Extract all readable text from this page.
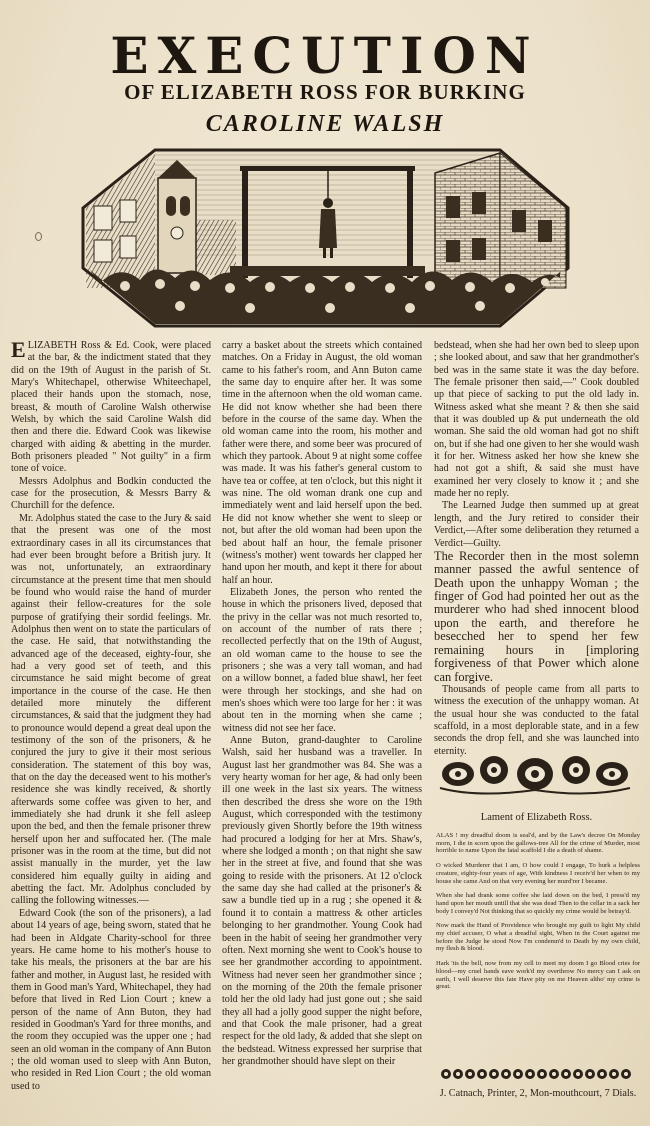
EXECUTION
OF ELIZABETH ROSS FOR BURKING
CAROLINE WALSH

ELIZABETH Ross & Ed. Cook, were placed at the bar, & the indictment stated that they did on the 19th of August in the parish of St. Mary's Whitechapel, otherwise Whiteechapel, placed their hands upon the stomach, nose, breast, & mouth of Caroline Walsh otherwise Welsh, by which the said Caroline Walsh did then and there die. Edward Cook was likewise charged with aiding & abetting in the murder. Both prisoners pleaded " Not guilty" in a firm tone of voice.

Messrs Adolphus and Bodkin conducted the case for the prosecution, & Messrs Barry & Churchill for the defence.

Mr. Adolphus stated the case to the Jury & said that the present was one of the most extraordinary cases in all its circumstances that had ever been brought before a British jury. It was not, unfortunately, an extraordinary circumstance at the present time that men should be found who would raise the hand of murder against their fellow-creatures for the sole purpose of gratifying their sordid feelings. Mr. Adolphus then went on to state the particulars of the case. He said, that notwithstanding the advanced age of the deceased, eighty-four, she had a very good set of teeth, and this circumstance he said might become of great importance in the course of the case. He then detailed more minutely the different circumstances, & said that the judgment they had to pronounce would depend a great deal upon the testimony of the son of the prisoners, & he conjured the jury to give it their most serious consideration. The statement of this boy was, that on the day the deceased went to his mother's residence she was kindly received, & shortly afterwards some coffee was given to her, and immediately she had drunk it she fell asleep upon the bed, and then the female prisoner threw herself upon her and suffocated her. (The male prisoner was in the room at the time, but did not assist manually in the murder, yet the law considered him equally guilty in aiding and abetting the fact. Mr. Adolphus concluded by calling the following witnesses.—

Edward Cook (the son of the prisoners), a lad about 14 years of age, being sworn, stated that he had been in Aldgate Charity-school for three years. He came home to his mother's house to take his meals, the prisoners at the bar are his father and mother, in August last, he resided with them in Good man's Yard, Whitechapel, they had before that lived in Red Lion Court ; knew a person of the name of Ann Buton, they had resided in Goodman's Yard for three months, and the room they occupied was the upper one ; had seen an old woman in the company of Ann Buton ; the old woman used to sleep with Ann Buton, who resided in Red Lion Court ; the old woman used to

carry a basket about the streets which contained matches. On a Friday in August, the old woman came to his father's room, and Ann Buton came the same day to enquire after her. It was some time in the afternoon when the old woman came. He did not know whether she had been there before in the course of the same day. When the old woman came into the room, his mother and father were there, and some beer was procured of which they partook. About 9 at night some coffee was made. It was his father's general custom to have tea or coffee, at ten o'clock, but this night it was nine. The old woman drank one cup and immediately went and laid herself upon the bed. He did not know whether she went to sleep or not, but after the old woman had been upon the bed about half an hour, the female prisoner (witness's mother) went towards her clapped her hand upon her mouth, and kept it there for about half an hour.

Elizabeth Jones, the person who rented the house in which the prisoners lived, deposed that the privy in the cellar was not much resorted to, on account of the number of rats there ; recollected perfectly that on the 19th of August, an old woman came to the house to see the prisoners ; she was a very tall woman, and had on a willow bonnet, a faded blue shawl, her feet were through her stockings, and she had on men's shoes which were too large for her : it was about ten in the morning when she came ; witness did not see her face.

Anne Buton, grand-daughter to Caroline Walsh, said her husband was a traveller. In August last her grandmother was 84. She was a very hearty woman for her age, & had only been ill one week in the last six years. The witness then described the dress she wore on the 19th August, which corresponded with the testimony previously given Shortly before the 19th witness had procured a lodging for her at Mrs. Shaw's, where she lodged a month ; on that night she saw her in the street at five, and found that she was going to reside with the prisoners. At 12 o'clock the same day she had called at the prisoner's & saw a bundle tied up in a rug ; she opened it & found it to contain a mattress & other articles belonging to her grandmother. Young Cook had been in the habit of seeing her grandmother very often. Next morning she went to Cook's house to see her grandmother according to appointment. Witness had never seen her grandmother since ; on the morning of the 20th the female prisoner told her the old lady had just gone out ; she said they all had a jolly good supper the night before, and that Cook the male prisoner, had a great respect for the old lady, & added that she slept on the bedstead. Witness expressed her surprise that her grandmother should have slept on their

bedstead, when she had her own bed to sleep upon ; she looked about, and saw that her grandmother's bed was in the same state it was the day before. The female prisoner then said,—" Cook doubled up that piece of sacking to put the old lady in. Witness asked what she meant ? & then she said that it was doubled up & put underneath the old woman. She said the old woman had got no shift on, but if she had one given to her she would wash it for her. Witness asked her how she knew she had not got a shift, & said she must have examined her very closely to know it ; and she made her no reply.

The Learned Judge then summed up at great length, and the Jury retired to consider their Verdict,—After some deliberation they returned a Verdict—Guilty.

The Recorder then in the most solemn manner passed the awful sentence of Death upon the unhappy Woman ; the finger of God had pointed her out as the murderer who had shed innocent blood upon the earth, and therefore he besecched her to spend her few remaining hours in [imploring forgiveness of that Power which alone can forgive.

Thousands of people came from all parts to witness the execution of the unhappy woman. At the usual hour she was conducted to the fatal scaffold, in a most deplorable state, and in a few seconds the drop fell, and she was launched into eternity.

Lament of Elizabeth Ross.

ALAS ! my dreadful doom is seal'd, and by the Law's decree On Monday morn, I die in scorn upon the gallows-tree All for the crime of Murder, most horrible to name Upon the fatal scaffold I die a death of shame.

O wicked Murderer that I am, O how could I engage, To burk a helpless creature, eighty-four years of age, With kindness I receiv'd her when to my house she came And on that very evening her murd'rer I became.

When she had drank some coffee she laid down on the bed, I press'd my hand upon her mouth untill that she was dead Then to the cellar in a sack her body I convey'd Not thinking that so quickly my crime would be betray'd.

Now mark the Hand of Providence who brought my guilt to light My child my chief accuser, O what a dreadful sight, When in the Court against me before the Judge he stood Now I'm condemn'd to Death by my own child, my flesh & blood.

Hark 'tis the bell, now from my cell to meet my doom I go Blood cries for blood—my cruel hands eave work'd my overthrow No mercy can I ask on earth, I well deserve this fate Have pity on me Heaven altho' my crime is great.

J. Catnach, Printer, 2, Mon-mouthcourt, 7 Dials.
